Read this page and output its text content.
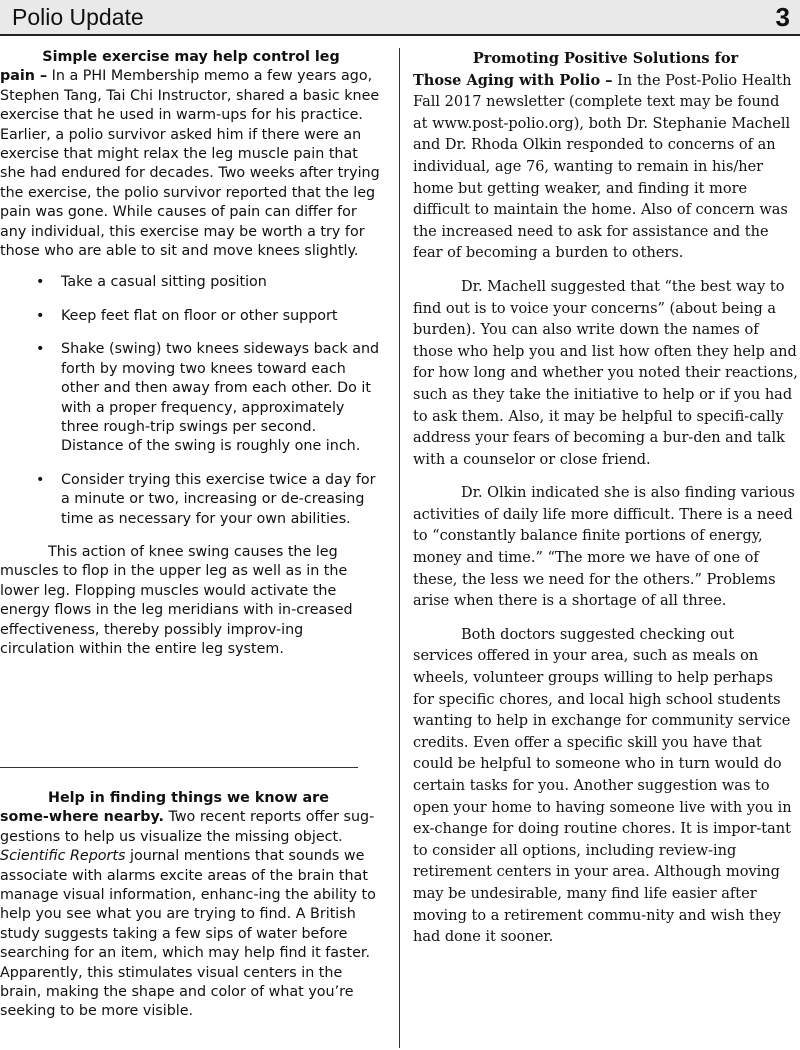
Polio Update	3

Simple exercise may help control leg
pain – In a PHI Membership memo a few years ago, Stephen Tang, Tai Chi Instructor, shared a basic knee exercise that he used in warm-ups for his practice. Earlier, a polio survivor asked him if there were an exercise that might relax the leg muscle pain that she had endured for decades. Two weeks after trying the exercise, the polio survivor reported that the leg pain was gone. While causes of pain can differ for any individual, this exercise may be worth a try for those who are able to sit and move knees slightly.

• Take a casual sitting position
• Keep feet flat on floor or other support
• Shake (swing) two knees sideways back and forth by moving two knees toward each other and then away from each other. Do it with a proper frequency, approximately three rough-trip swings per second. Distance of the swing is roughly one inch.
• Consider trying this exercise twice a day for a minute or two, increasing or de-creasing time as necessary for your own abilities.

This action of knee swing causes the leg muscles to flop in the upper leg as well as in the lower leg. Flopping muscles would activate the energy flows in the leg meridians with in-creased effectiveness, thereby possibly improv-ing circulation within the entire leg system.

Help in finding things we know are some-where nearby. Two recent reports offer sug-gestions to help us visualize the missing object. Scientific Reports journal mentions that sounds we associate with alarms excite areas of the brain that manage visual information, enhanc-ing the ability to help you see what you are trying to find. A British study suggests taking a few sips of water before searching for an item, which may help find it faster. Apparently, this stimulates visual centers in the brain, making the shape and color of what you’re seeking to be more visible.

Promoting Positive Solutions for
Those Aging with Polio – In the Post-Polio Health Fall 2017 newsletter (complete text may be found at www.post-polio.org), both Dr. Stephanie Machell and Dr. Rhoda Olkin responded to concerns of an individual, age 76, wanting to remain in his/her home but getting weaker, and finding it more difficult to maintain the home. Also of concern was the increased need to ask for assistance and the fear of becoming a burden to others.

Dr. Machell suggested that “the best way to find out is to voice your concerns” (about being a burden). You can also write down the names of those who help you and list how often they help and for how long and whether you noted their reactions, such as they take the initiative to help or if you had to ask them. Also, it may be helpful to specifi-cally address your fears of becoming a bur-den and talk with a counselor or close friend.

Dr. Olkin indicated she is also finding various activities of daily life more difficult. There is a need to “constantly balance finite portions of energy, money and time.” “The more we have of one of these, the less we need for the others.” Problems arise when there is a shortage of all three.

Both doctors suggested checking out services offered in your area, such as meals on wheels, volunteer groups willing to help perhaps for specific chores, and local high school students wanting to help in exchange for community service credits. Even offer a specific skill you have that could be helpful to someone who in turn would do certain tasks for you. Another suggestion was to open your home to having someone live with you in ex-change for doing routine chores. It is impor-tant to consider all options, including review-ing retirement centers in your area. Although moving may be undesirable, many find life easier after moving to a retirement commu-nity and wish they had done it sooner.
